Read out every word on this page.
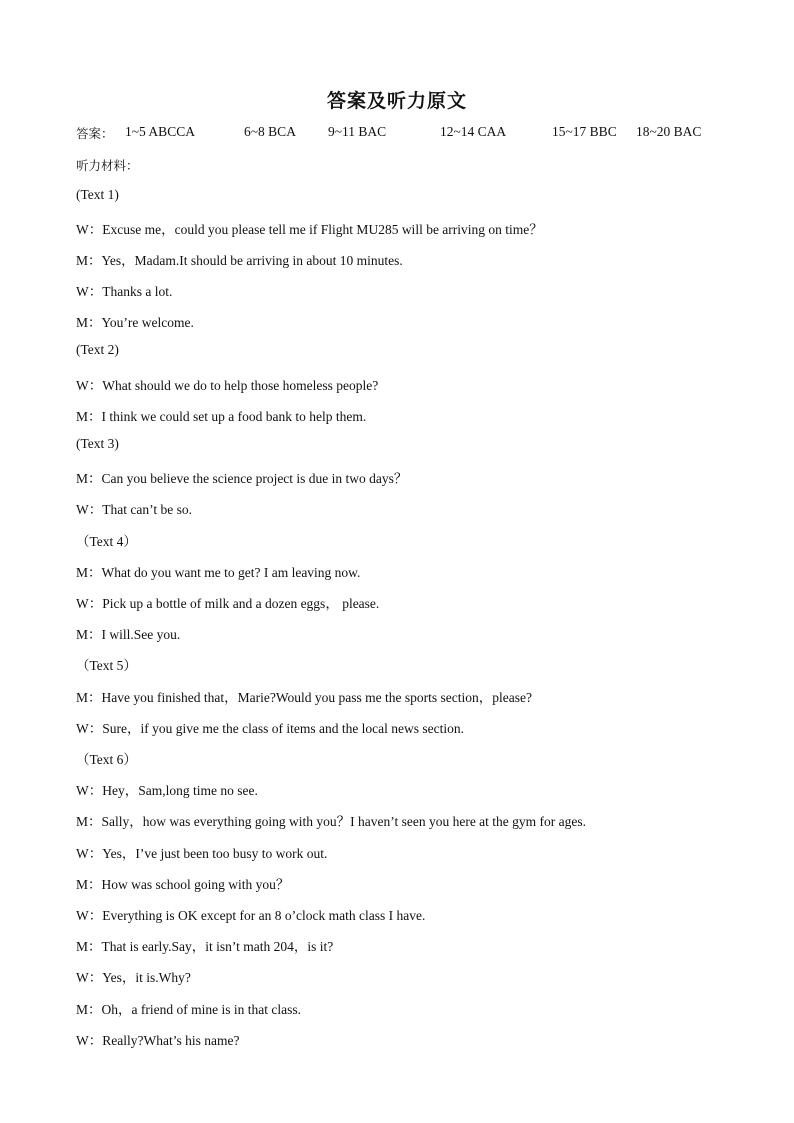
答案及听力原文
答案： 1~5 ABCCA	6~8 BCA 9~11 BAC	12~14 CAA	15~17 BBC 18~20 BAC
听力材料：
(Text 1)
W：Excuse me，could you please tell me if Flight MU285 will be arriving on time？
M：Yes，Madam.It should be arriving in about 10 minutes.
W：Thanks a lot.
M：You’re welcome.
(Text 2)
W：What should we do to help those homeless people?
M：I think we could set up a food bank to help them.
(Text 3)
M：Can you believe the science project is due in two days？
W：That can’t be so.
（Text 4）
M：What do you want me to get? I am leaving now.
W：Pick up a bottle of milk and a dozen eggs， please.
M：I will.See you.
（Text 5）
M：Have you finished that，Marie?Would you pass me the sports section，please?
W：Sure，if you give me the class of items and the local news section.
（Text 6）
W：Hey，Sam,long time no see.
M：Sally，how was everything going with you？I haven’t seen you here at the gym for ages.
W：Yes，I’ve just been too busy to work out.
M：How was school going with you？
W：Everything is OK except for an 8 o’clock math class I have.
M：That is early.Say，it isn’t math 204，is it?
W：Yes，it is.Why?
M：Oh，a friend of mine is in that class.
W：Really?What’s his name?
